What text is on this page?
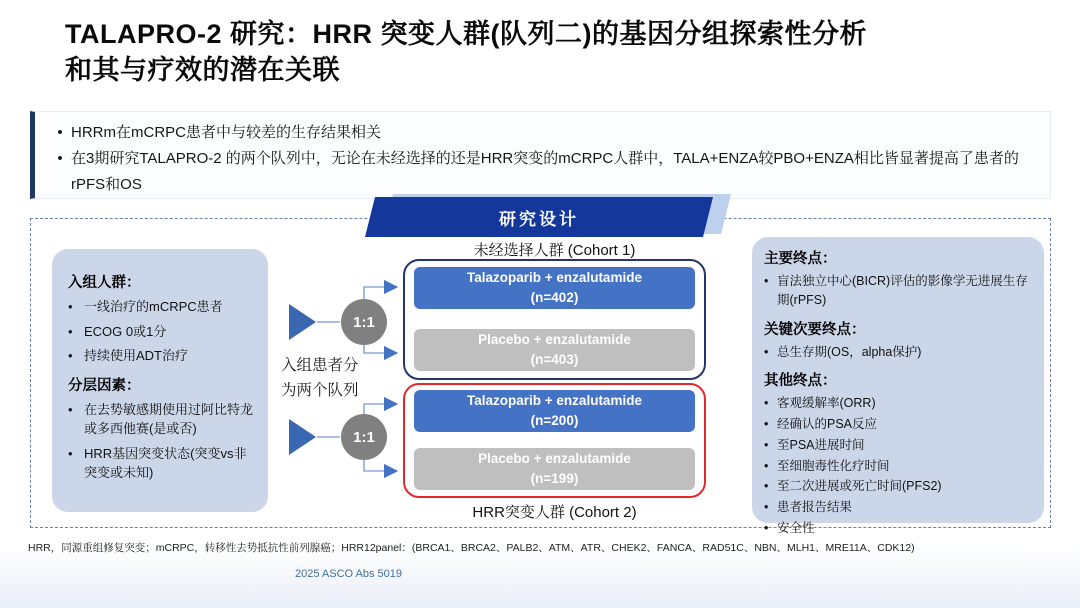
TALAPRO-2 研究：HRR 突变人群(队列二)的基因分组探索性分析
和其与疗效的潜在关联
• HRRm在mCRPC患者中与较差的生存结果相关
• 在3期研究TALAPRO-2 的两个队列中，无论在未经选择的还是HRR突变的mCRPC人群中，TALA+ENZA较PBO+ENZA相比皆显著提高了患者的rPFS和OS
研究设计
入组人群：
• 一线治疗的mCRPC患者
• ECOG 0或1分
• 持续使用ADT治疗
分层因素：
• 在去势敏感期使用过阿比特龙或多西他赛(是或否)
• HRR基因突变状态(突变vs非突变或未知)
入组患者分为两个队列
1:1
1:1
未经选择人群 (Cohort 1)
Talazoparib + enzalutamide
(n=402)
Placebo + enzalutamide
(n=403)
Talazoparib + enzalutamide
(n=200)
Placebo + enzalutamide
(n=199)
HRR突变人群 (Cohort 2)
主要终点：
• 盲法独立中心(BICR)评估的影像学无进展生存期(rPFS)
关键次要终点：
• 总生存期(OS，alpha保护)
其他终点：
• 客观缓解率(ORR)
• 经确认的PSA反应
• 至PSA进展时间
• 至细胞毒性化疗时间
• 至二次进展或死亡时间(PFS2)
• 患者报告结果
• 安全性
HRR，同源重组修复突变；mCRPC，转移性去势抵抗性前列腺癌；HRR12panel：(BRCA1、BRCA2、PALB2、ATM、ATR、CHEK2、FANCA、RAD51C、NBN、MLH1、MRE11A、CDK12)
2025 ASCO Abs 5019
